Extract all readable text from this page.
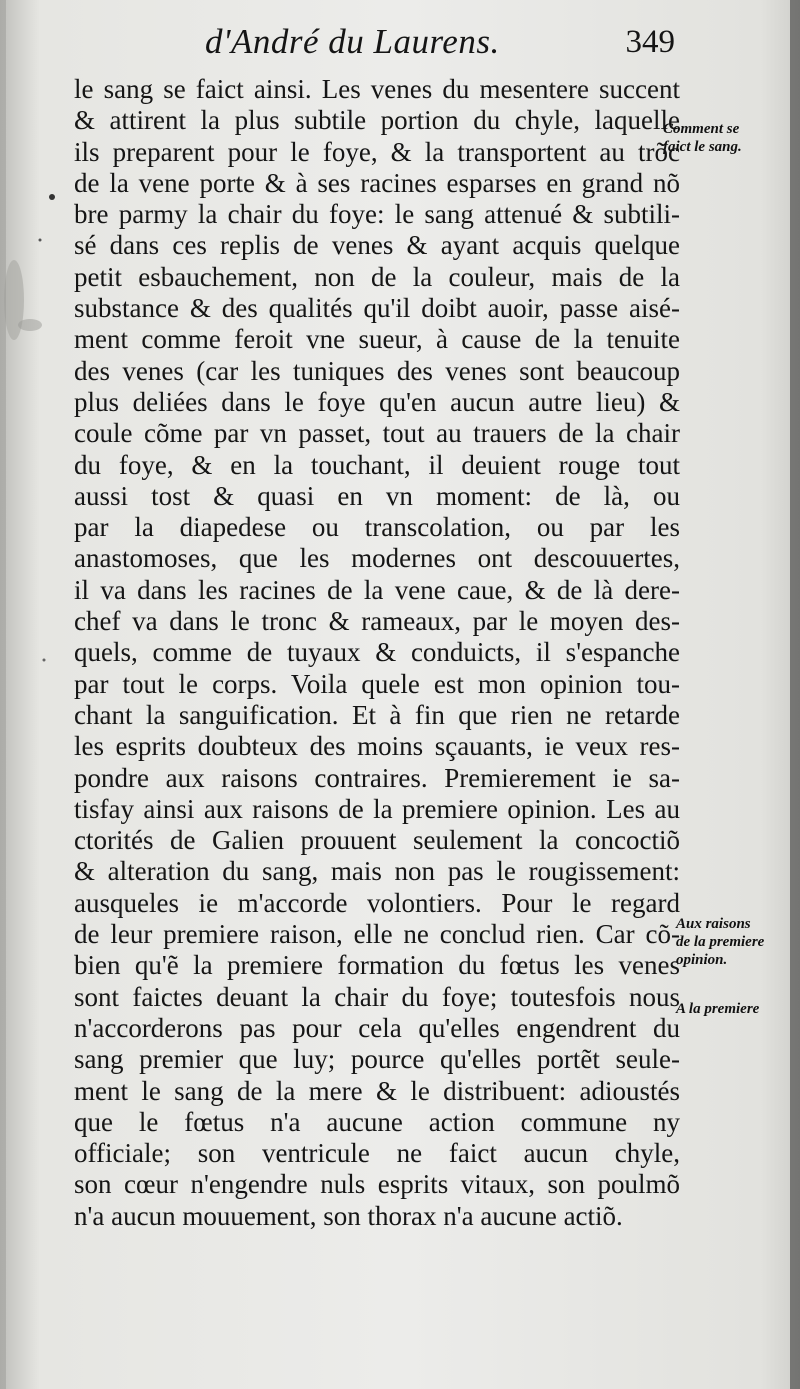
d'André du Laurens.	349
le sang se faict ainsi. Les venes du mesentere succent
& attirent la plus subtile portion du chyle, laquelle
ils preparent pour le foye, & la transportent au trõc
de la vene porte & à ses racines esparses en grand nõ
bre parmy la chair du foye: le sang attenué & subtili-
sé dans ces replis de venes & ayant acquis quelque
petit esbauchement, non de la couleur, mais de la
substance & des qualités qu'il doibt auoir, passe aisé-
ment comme feroit vne sueur, à cause de la tenuite
des venes (car les tuniques des venes sont beaucoup
plus deliées dans le foye qu'en aucun autre lieu) &
coule cõme par vn passet, tout au trauers de la chair
du foye, & en la touchant, il deuient rouge tout
aussi tost & quasi en vn moment: de là, ou
par la diapedese ou transcolation, ou par les
anastomoses, que les modernes ont descouuertes,
il va dans les racines de la vene caue, & de là dere-
chef va dans le tronc & rameaux, par le moyen des-
quels, comme de tuyaux & conduicts, il s'espanche
par tout le corps. Voila quele est mon opinion tou-
chant la sanguification. Et à fin que rien ne retarde
les esprits doubteux des moins sçauants, ie veux res-
pondre aux raisons contraires. Premierement ie sa-
tisfay ainsi aux raisons de la premiere opinion. Les au
ctorités de Galien prouuent seulement la concoctiõ
& alteration du sang, mais non pas le rougissement:
ausqueles ie m'accorde volontiers. Pour le regard
de leur premiere raison, elle ne conclud rien. Car cõ-
bien qu'ẽ la premiere formation du fœtus les venes
sont faictes deuant la chair du foye; toutesfois nous
n'accorderons pas pour cela qu'elles engendrent du
sang premier que luy; pource qu'elles portẽt seule-
ment le sang de la mere & le distribuent: adioustés
que le fœtus n'a aucune action commune ny
officiale; son ventricule ne faict aucun chyle,
son cœur n'engendre nuls esprits vitaux, son poulmõ
n'a aucun mouuement, son thorax n'a aucune actiõ.
Comment se
faict le sang.
Aux raisons
de la premiere
opinion.
A la premiere
